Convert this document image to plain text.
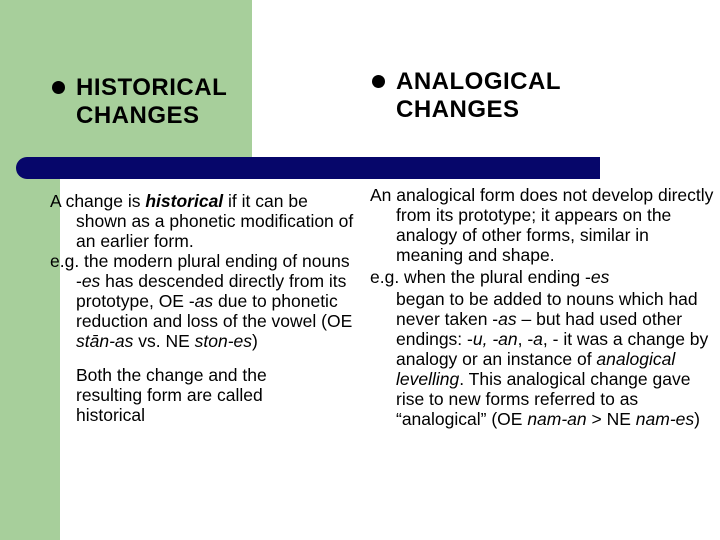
HISTORICAL
CHANGES
ANALOGICAL
CHANGES

A change is historical if it can be shown as a phonetic modification of an earlier form.

e.g. the modern plural ending of nouns -es has descended directly from its prototype, OE -as due to phonetic reduction and loss of the vowel (OE stān-as vs. NE ston-es)

Both the change and the
resulting form are called
historical

An analogical form does not develop directly from its prototype; it appears on the analogy of other forms, similar in meaning and shape.

e.g. when the plural ending -es

began to be added to nouns which had never taken -as – but had used other endings: -u, -an, -a, - it was a change by analogy or an instance of analogical levelling. This analogical change gave rise to new forms referred to as “analogical” (OE nam-an > NE nam-es)
